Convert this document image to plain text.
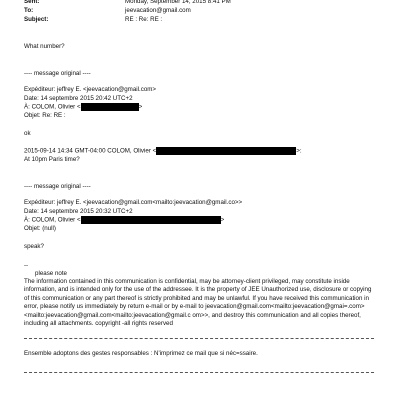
Sent:	Monday, September 14, 2015 8:41 PM
To:	jeevacation@gmail.com
Subject:	RE : Re: RE :
What number?
---- message original ----
Expéditeur: jeffrey E. <jeevacation@gmail.com>
Date: 14 septembre 2015 20:42 UTC+2
À: COLOM, Olivier <	>
Objet: Re: RE :
ok
2015-09-14 14:34 GMT-04:00 COLOM, Olivier <	>:
At 10pm Paris time?
---- message original ----
Expéditeur: jeffrey E. <jeevacation@gmail.com<mailto:jeevacation@gmail.co>>
Date: 14 septembre 2015 20:32 UTC+2
À: COLOM, Olivier <	>
Objet: (null)
speak?
--
please note
The information contained in this communication is confidential, may be attorney-client privileged, may constitute inside information, and is intended only for the use of the addressee. It is the property of JEE Unauthorized use, disclosure or copying of this communication or any part thereof is strictly prohibited and may be unlawful. If you have received this communication in error, please notify us immediately by return e-mail or by e-mail to jeevacation@gmail.com<mailto:jeevacation@gmai=.com><mailto:jeevacation@gmail.com<mailto:jeevacation@gmail.c om>>, and destroy this communication and all copies thereof, including all attachments. copyright -all rights reserved
Ensemble adoptons des gestes responsables : N'imprimez ce mail que si néc=ssaire.
